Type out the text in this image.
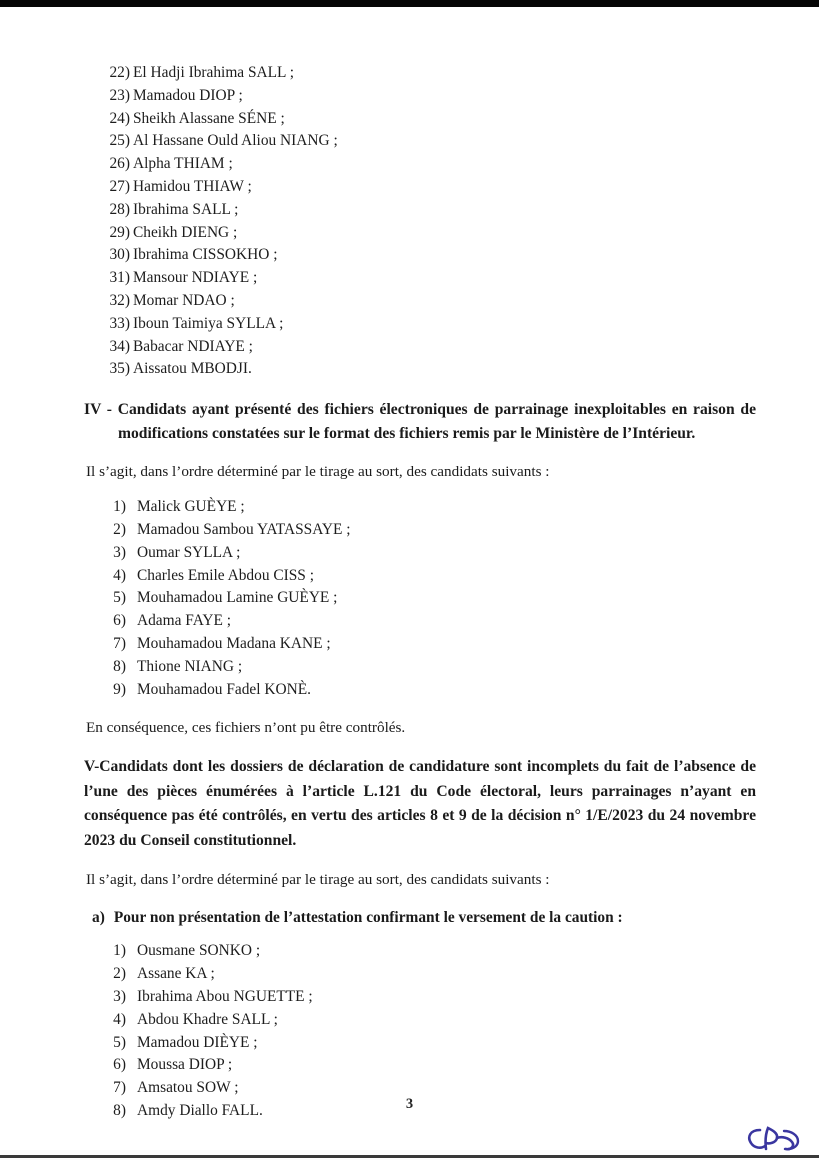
22) El Hadji Ibrahima SALL ;
23) Mamadou DIOP ;
24) Sheikh Alassane SÉNE ;
25) Al Hassane Ould Aliou NIANG ;
26) Alpha THIAM ;
27) Hamidou THIAW ;
28) Ibrahima SALL ;
29) Cheikh DIENG ;
30) Ibrahima CISSOKHO ;
31) Mansour NDIAYE ;
32) Momar NDAO ;
33) Iboun Taimiya SYLLA ;
34) Babacar NDIAYE ;
35) Aissatou MBODJI.

IV - Candidats ayant présenté des fichiers électroniques de parrainage inexploitables en raison de modifications constatées sur le format des fichiers remis par le Ministère de l’Intérieur.

Il s’agit, dans l’ordre déterminé par le tirage au sort, des candidats suivants :

1) Malick GUÈYE ;
2) Mamadou Sambou YATASSAYE ;
3) Oumar SYLLA ;
4) Charles Emile Abdou CISS ;
5) Mouhamadou Lamine GUÈYE ;
6) Adama FAYE ;
7) Mouhamadou Madana KANE ;
8) Thione NIANG ;
9) Mouhamadou Fadel KONÈ.

En conséquence, ces fichiers n’ont pu être contrôlés.

V-Candidats dont les dossiers de déclaration de candidature sont incomplets du fait de l’absence de l’une des pièces énumérées à l’article L.121 du Code électoral, leurs parrainages n’ayant en conséquence pas été contrôlés, en vertu des articles 8 et 9 de la décision n° 1/E/2023 du 24 novembre 2023 du Conseil constitutionnel.

Il s’agit, dans l’ordre déterminé par le tirage au sort, des candidats suivants :

a) Pour non présentation de l’attestation confirmant le versement de la caution :

1) Ousmane SONKO ;
2) Assane KA ;
3) Ibrahima Abou NGUETTE ;
4) Abdou Khadre SALL ;
5) Mamadou DIÈYE ;
6) Moussa DIOP ;
7) Amsatou SOW ;
8) Amdy Diallo FALL.	3
